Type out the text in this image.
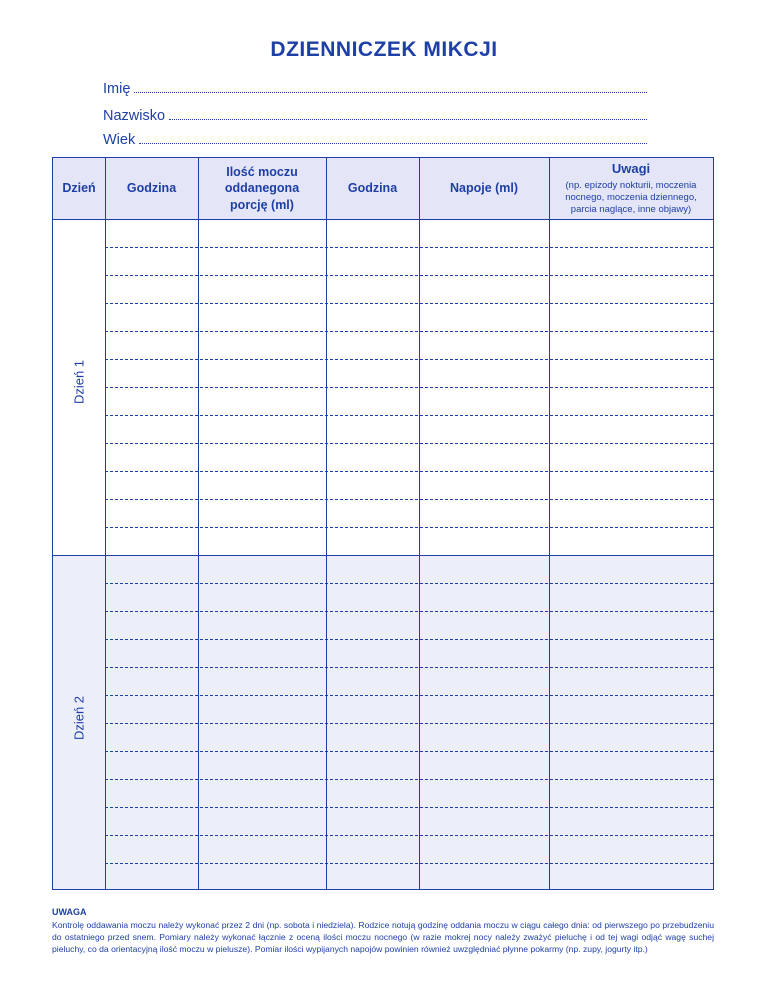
DZIENNICZEK MIKCJI
Imię
Nazwisko
Wiek
Dzień Godzina
Ilość moczu oddanegona porcję (ml)
Godzina	Napoje (ml)
Uwagi
(np. epizody nokturii, moczenia nocnego, moczenia dziennego, parcia naglące, inne objawy)
Dzień 1
Dzień 2
UWAGA
Kontrolę oddawania moczu należy wykonać przez 2 dni (np. sobota i niedziela). Rodzice notują godzinę oddania moczu w ciągu całego dnia: od pierwszego po przebudzeniu do ostatniego przed snem. Pomiary należy wykonać łącznie z oceną ilości moczu nocnego (w razie mokrej nocy należy zważyć pieluchę i od tej wagi odjąć wagę suchej pieluchy, co da orientacyjną ilość moczu w pielusze). Pomiar ilości wypijanych napojów powinien również uwzględniać płynne pokarmy (np. zupy, jogurty itp.)
